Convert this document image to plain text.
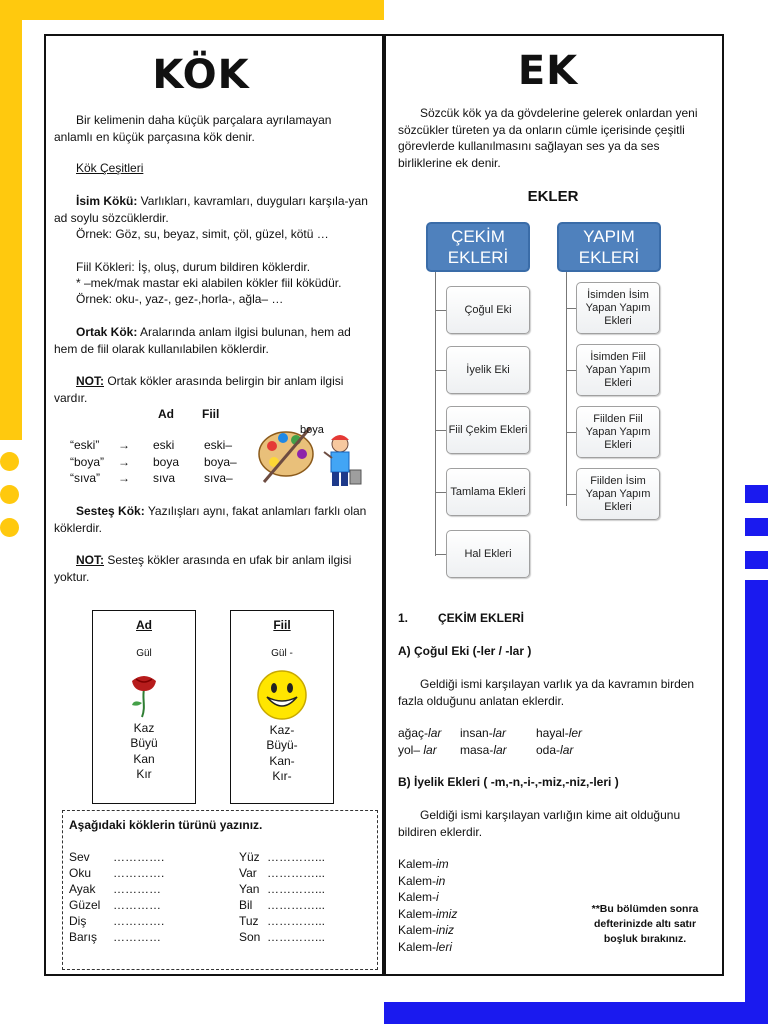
KÖK
Bir kelimenin daha küçük parçalara ayrılamayan anlamlı en küçük parçasına kök denir.
Kök Çeşitleri
İsim Kökü: Varlıkları, kavramları, duyguları karşıla-yan ad soylu sözcüklerdir.
Örnek: Göz, su, beyaz, simit, çöl, güzel, kötü …
Fiil Kökleri: İş, oluş, durum bildiren köklerdir.
* –mek/mak mastar eki alabilen kökler fiil köküdür.
Örnek: oku-, yaz-, gez-,horla-, ağla– …
Ortak Kök: Aralarında anlam ilgisi bulunan, hem ad hem de fiil olarak kullanılabilen köklerdir.
NOT: Ortak kökler arasında belirgin bir anlam ilgisi vardır.
Ad Fiil
“eski” → eski eski–
“boya” → boya boya–
“sıva” → sıva sıva–
boya
Sesteş Kök: Yazılışları aynı, fakat anlamları farklı olan köklerdir.
NOT: Sesteş kökler arasında en ufak bir anlam ilgisi yoktur.
Ad
Gül
Kaz
Büyü
Kan
Kır
Fiil
Gül -
Kaz-
Büyü-
Kan-
Kır-
Aşağıdaki köklerin türünü yazınız.
Sev ………….
Oku ………….
Ayak …………
Güzel …………
Diş ………….
Barış …………
Yüz …………...
Var …………...
Yan …………...
Bil …………...
Tuz …………...
Son …………...
EK
Sözcük kök ya da gövdelerine gelerek onlardan yeni sözcükler türeten ya da onların cümle içerisinde çeşitli görevlerde kullanılmasını sağlayan ses ya da ses birliklerine ek denir.
EKLER
ÇEKİM
EKLERİ
YAPIM
EKLERİ
1. ÇEKİM EKLERİ
A) Çoğul Eki (-ler / -lar )
Geldiği ismi karşılayan varlık ya da kavramın birden fazla olduğunu anlatan eklerdir.
ağaç-lar insan-lar hayal-ler
yol– lar masa-lar oda-lar
B) İyelik Ekleri ( -m,-n,-i-,-miz,-niz,-leri )
Geldiği ismi karşılayan varlığın kime ait olduğunu bildiren eklerdir.
Kalem-im
Kalem-in
Kalem-i
Kalem-imiz
Kalem-iniz
Kalem-leri
**Bu bölümden sonra defterinizde altı satır boşluk bırakınız.
Çoğul Eki
İyelik Eki
Fiil Çekim Ekleri
Tamlama Ekleri
Hal Ekleri
İsimden İsim Yapan Yapım Ekleri
İsimden Fiil Yapan Yapım Ekleri
Fiilden Fiil Yapan Yapım Ekleri
Fiilden İsim Yapan Yapım Ekleri
